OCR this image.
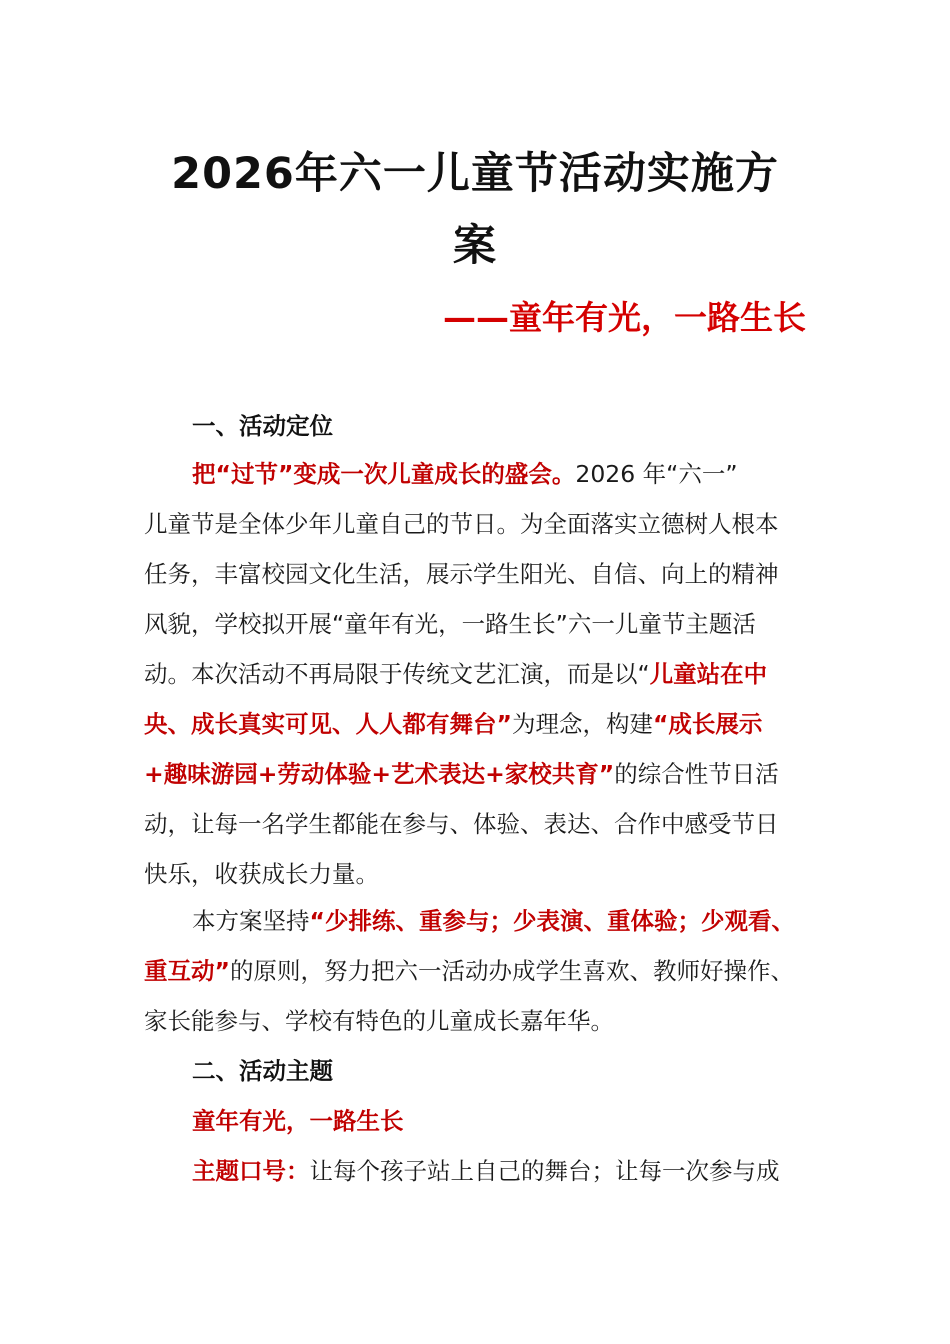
2026年六一儿童节活动实施方
案
——童年有光，一路生长
一、活动定位
把“过节”变成一次儿童成长的盛会。2026 年“六一”
儿童节是全体少年儿童自己的节日。为全面落实立德树人根本
任务，丰富校园文化生活，展示学生阳光、自信、向上的精神
风貌，学校拟开展“童年有光，一路生长”六一儿童节主题活
动。本次活动不再局限于传统文艺汇演，而是以“儿童站在中
央、成长真实可见、人人都有舞台”为理念，构建“成长展示
+趣味游园+劳动体验+艺术表达+家校共育”的综合性节日活
动，让每一名学生都能在参与、体验、表达、合作中感受节日
快乐，收获成长力量。
本方案坚持“少排练、重参与；少表演、重体验；少观看、
重互动”的原则，努力把六一活动办成学生喜欢、教师好操作、
家长能参与、学校有特色的儿童成长嘉年华。
二、活动主题
童年有光，一路生长
主题口号：让每个孩子站上自己的舞台；让每一次参与成
